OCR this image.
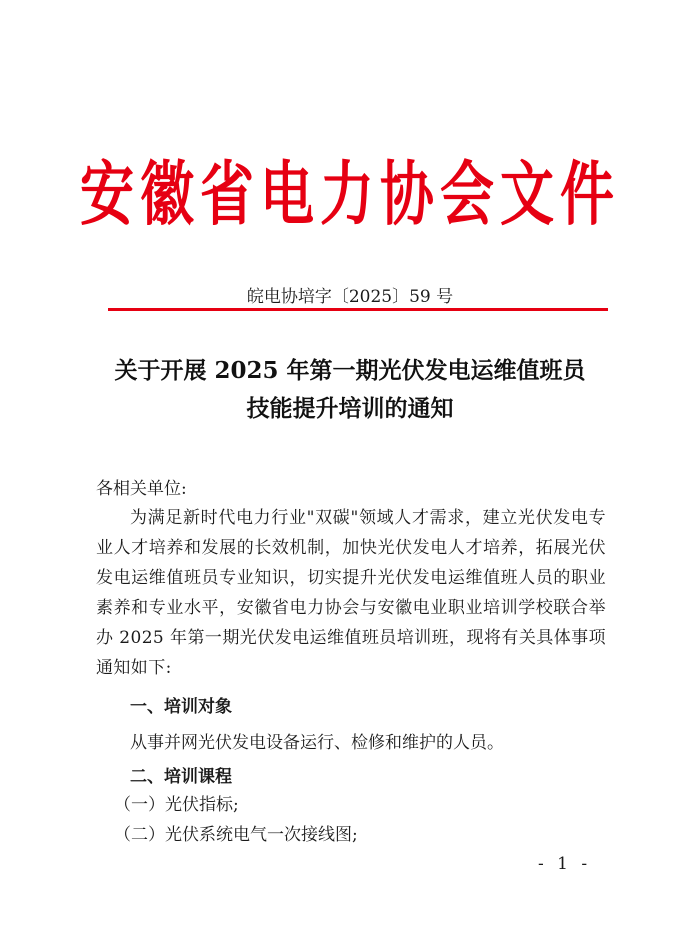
安徽省电力协会文件
皖电协培字〔2025〕59 号
关于开展 2025 年第一期光伏发电运维值班员
技能提升培训的通知
各相关单位:
为满足新时代电力行业"双碳"领域人才需求，建立光伏发电专业人才培养和发展的长效机制，加快光伏发电人才培养，拓展光伏发电运维值班员专业知识，切实提升光伏发电运维值班人员的职业素养和专业水平，安徽省电力协会与安徽电业职业培训学校联合举办 2025 年第一期光伏发电运维值班员培训班，现将有关具体事项通知如下:
一、培训对象
从事并网光伏发电设备运行、检修和维护的人员。
二、培训课程
（一）光伏指标;
（二）光伏系统电气一次接线图;
- 1 -
